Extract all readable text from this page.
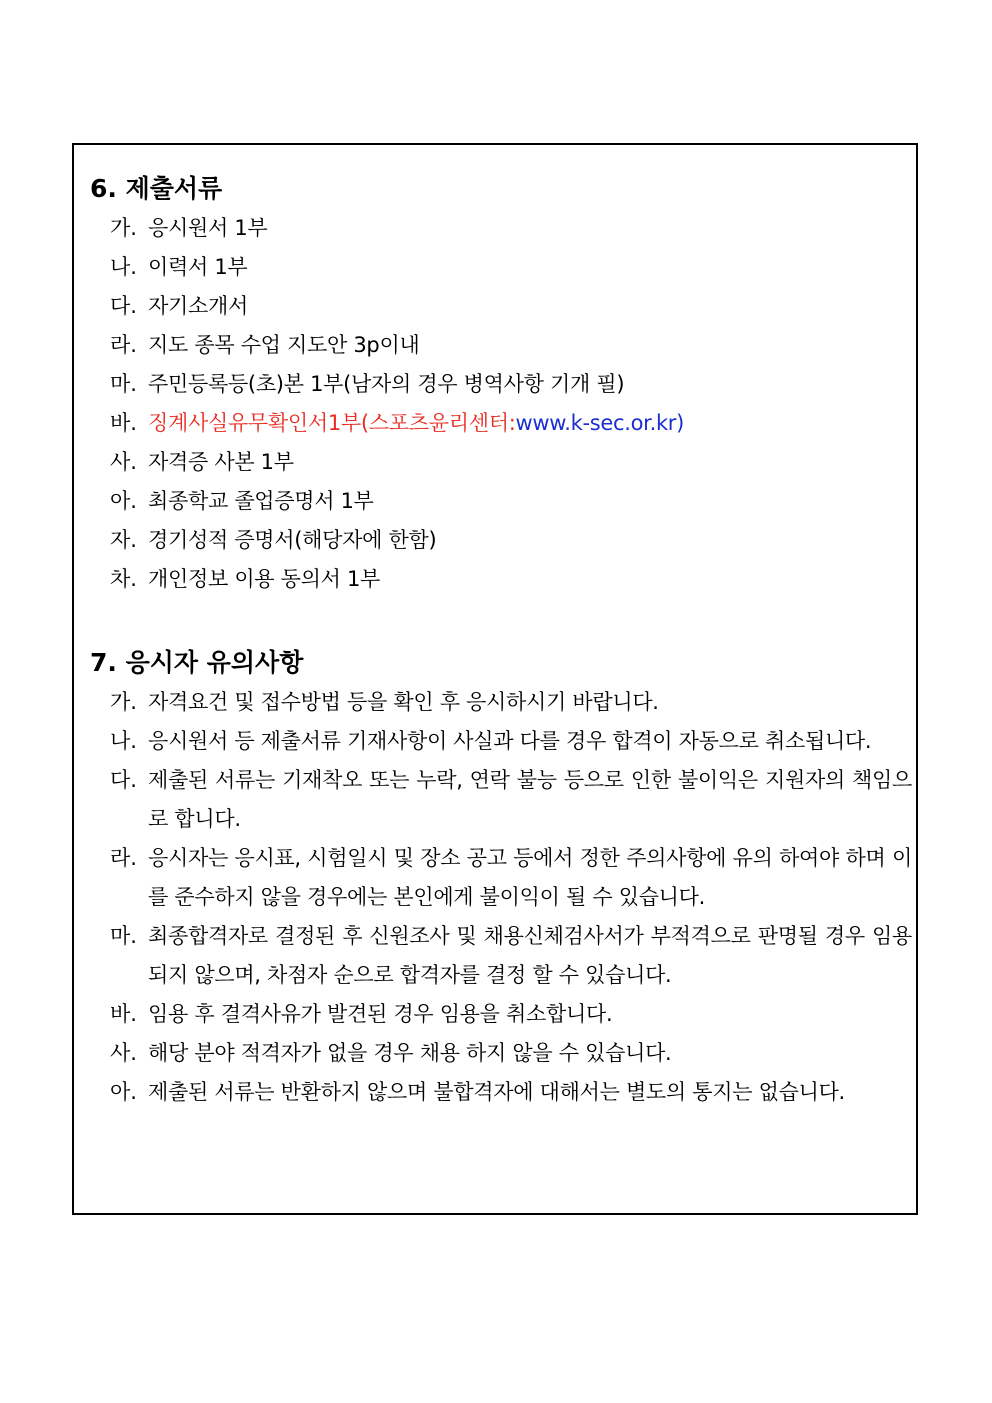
6. 제출서류
가. 응시원서 1부
나. 이력서 1부
다. 자기소개서
라. 지도 종목 수업 지도안 3p이내
마. 주민등록등(초)본 1부(남자의 경우 병역사항 기개 필)
바. 징계사실유무확인서1부(스포츠윤리센터:www.k-sec.or.kr)
사. 자격증 사본 1부
아. 최종학교 졸업증명서 1부
자. 경기성적 증명서(해당자에 한함)
차. 개인정보 이용 동의서 1부
7. 응시자 유의사항
가. 자격요건 및 접수방법 등을 확인 후 응시하시기 바랍니다.
나. 응시원서 등 제출서류 기재사항이 사실과 다를 경우 합격이 자동으로 취소됩니다.
다. 제출된 서류는 기재착오 또는 누락, 연락 불능 등으로 인한 불이익은 지원자의 책임으로 합니다.
라. 응시자는 응시표, 시험일시 및 장소 공고 등에서 정한 주의사항에 유의 하여야 하며 이를 준수하지 않을 경우에는 본인에게 불이익이 될 수 있습니다.
마. 최종합격자로 결정된 후 신원조사 및 채용신체검사서가 부적격으로 판명될 경우 임용되지 않으며, 차점자 순으로 합격자를 결정 할 수 있습니다.
바. 임용 후 결격사유가 발견된 경우 임용을 취소합니다.
사. 해당 분야 적격자가 없을 경우 채용 하지 않을 수 있습니다.
아. 제출된 서류는 반환하지 않으며 불합격자에 대해서는 별도의 통지는 없습니다.
